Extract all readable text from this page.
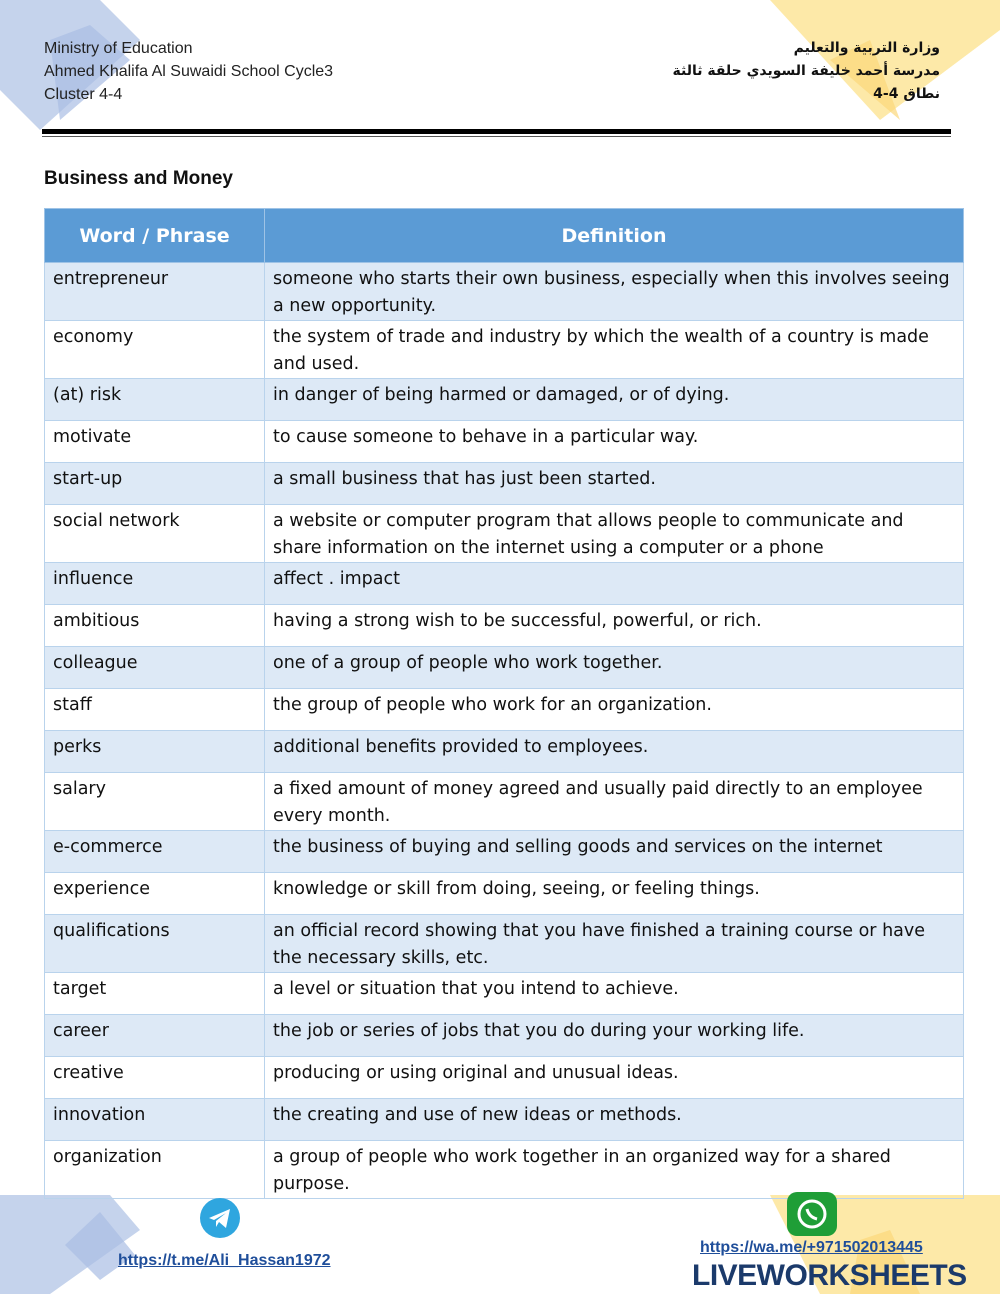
Ministry of Education
Ahmed Khalifa Al Suwaidi School Cycle3
Cluster 4-4
وزارة التربية والتعليم
مدرسة أحمد خليفة السويدي حلقة ثالثة
نطاق 4-4
Business and Money
Word / Phrase	Definition
entrepreneur	someone who starts their own business, especially when this involves seeing a new opportunity.
economy	the system of trade and industry by which the wealth of a country is made and used.
(at) risk	in danger of being harmed or damaged, or of dying.
motivate	to cause someone to behave in a particular way.
start-up	a small business that has just been started.
social network	a website or computer program that allows people to communicate and share information on the internet using a computer or a phone
influence	affect . impact
ambitious	having a strong wish to be successful, powerful, or rich.
colleague	one of a group of people who work together.
staff	the group of people who work for an organization.
perks	additional benefits provided to employees.
salary	a fixed amount of money agreed and usually paid directly to an employee every month.
e-commerce	the business of buying and selling goods and services on the internet
experience	knowledge or skill from doing, seeing, or feeling things.
qualifications	an official record showing that you have finished a training course or have the necessary skills, etc.
target	a level or situation that you intend to achieve.
career	the job or series of jobs that you do during your working life.
creative	producing or using original and unusual ideas.
innovation	the creating and use of new ideas or methods.
organization	a group of people who work together in an organized way for a shared purpose.
https://t.me/Ali_Hassan1972
https://wa.me/+971502013445
LIVEWORKSHEETS
